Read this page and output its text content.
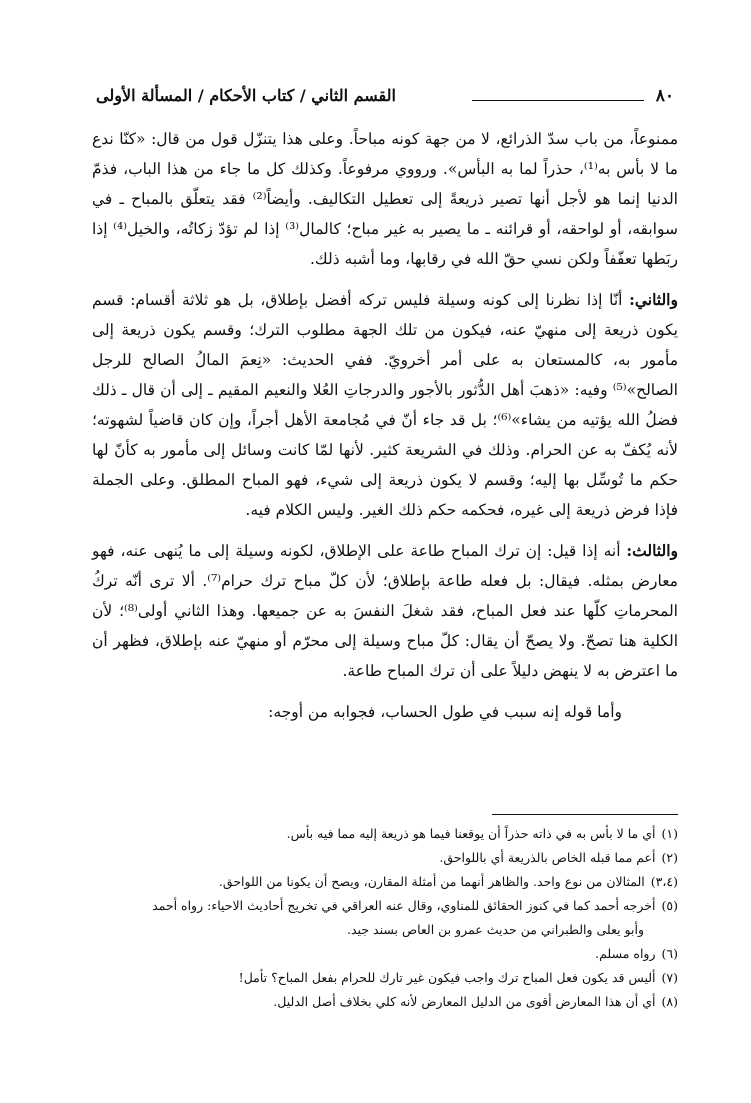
٨٠
القسم الثاني / كتاب الأحكام / المسألة الأولى

ممنوعاً، من باب سدّ الذرائع، لا من جهة كونه مباحاً. وعلى هذا يتنزّل قول من قال: «كنّا ندع ما لا بأس به⁽¹⁾، حذراً لما به البأس». ورووي مرفوعاً. وكذلك كل ما جاء من هذا الباب، فذمّ الدنيا إنما هو لأجل أنها تصير ذريعةً إلى تعطيل التكاليف. وأيضاً⁽²⁾ فقد يتعلّق بالمباح ـ في سوابقه، أو لواحقه، أو قرائنه ـ ما يصير به غير مباح؛ كالمال⁽³⁾ إذا لم تؤدّ زكاتُه، والخيل⁽⁴⁾ إذا ربَطها تعفّفاً ولكن نسي حقّ الله في رقابها، وما أشبه ذلك.

والثاني: أنّا إذا نظرنا إلى كونه وسيلة فليس تركه أفضل بإطلاق، بل هو ثلاثة أقسام: قسم يكون ذريعة إلى منهيّ عنه، فيكون من تلك الجهة مطلوب الترك؛ وقسم يكون ذريعة إلى مأمور به، كالمستعان به على أمر أخرويّ. ففي الحديث: «نِعمَ المالُ الصالح للرجل الصالح»⁽⁵⁾ وفيه: «ذهبَ أهل الدُّثور بالأجور والدرجاتِ العُلا والنعيم المقيم ـ إلى أن قال ـ ذلك فضلُ الله يؤتيه من يشاء»⁽⁶⁾؛ بل قد جاء أنّ في مُجامعة الأهل أجراً، وإن كان قاضياً لشهوته؛ لأنه يُكفّ به عن الحرام. وذلك في الشريعة كثير. لأنها لمّا كانت وسائل إلى مأمور به كأنّ لها حكم ما تُوسِّل بها إليه؛ وقسم لا يكون ذريعة إلى شيء، فهو المباح المطلق. وعلى الجملة فإذا فرض ذريعة إلى غيره، فحكمه حكم ذلك الغير. وليس الكلام فيه.

والثالث: أنه إذا قيل: إن ترك المباح طاعة على الإطلاق، لكونه وسيلة إلى ما يُنهى عنه، فهو معارض بمثله. فيقال: بل فعله طاعة بإطلاق؛ لأن كلّ مباح ترك حرام⁽⁷⁾. ألا ترى أنّه تركُ المحرماتِ كلّها عند فعل المباح، فقد شغلَ النفسَ به عن جميعها. وهذا الثاني أولى⁽⁸⁾؛ لأن الكلية هنا تصحّ. ولا يصحّ أن يقال: كلّ مباح وسيلة إلى محرّم أو منهيّ عنه بإطلاق، فظهر أن ما اعترض به لا ينهض دليلاً على أن ترك المباح طاعة.

وأما قوله إنه سبب في طول الحساب، فجوابه من أوجه:

(١)أي ما لا بأس به في ذاته حذراً أن يوقعنا فيما هو ذريعة إليه مما فيه بأس.
(٢)أعم مما قبله الخاص بالذريعة أي باللواحق.
(٣،٤)المثالان من نوع واحد. والظاهر أنهما من أمثلة المقارن، ويصح أن يكونا من اللواحق.
(٥)أخرجه أحمد كما في كنوز الحقائق للمناوي، وقال عنه العراقي في تخريج أحاديث الاحياء: رواه أحمد
وأبو يعلى والطبراني من حديث عمرو بن العاص بسند جيد.
(٦)رواه مسلم.
(٧)أليس قد يكون فعل المباح ترك واجب فيكون غير تارك للحرام بفعل المباح؟ تأمل!
(٨)أي أن هذا المعارض أقوى من الدليل المعارض لأنه كلي بخلاف أصل الدليل.
